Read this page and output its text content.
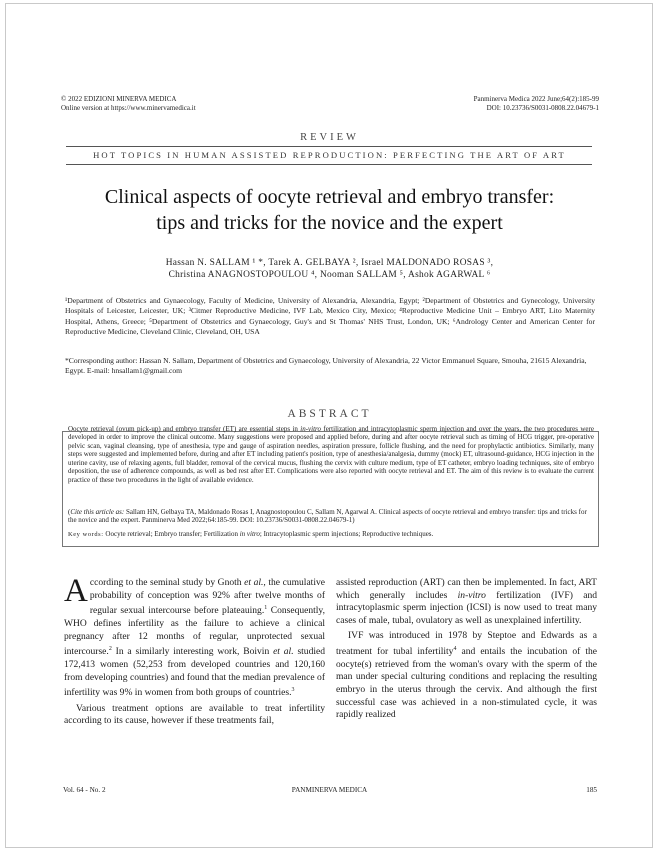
© 2022 EDIZIONI MINERVA MEDICA
Online version at https://www.minervamedica.it
Panminerva Medica 2022 June;64(2):185-99
DOI: 10.23736/S0031-0808.22.04679-1
REVIEW
HOT TOPICS IN HUMAN ASSISTED REPRODUCTION: PERFECTING THE ART OF ART
Clinical aspects of oocyte retrieval and embryo transfer:
tips and tricks for the novice and the expert
Hassan N. SALLAM ¹ *, Tarek A. GELBAYA ², Israel MALDONADO ROSAS ³,
Christina ANAGNOSTOPOULOU ⁴, Nooman SALLAM ⁵, Ashok AGARWAL ⁶
¹Department of Obstetrics and Gynaecology, Faculty of Medicine, University of Alexandria, Alexandria, Egypt; ²Department of Obstetrics and Gynecology, University Hospitals of Leicester, Leicester, UK; ³Citmer Reproductive Medicine, IVF Lab, Mexico City, Mexico; ⁴Reproductive Medicine Unit – Embryo ART, Lito Maternity Hospital, Athens, Greece; ⁵Department of Obstetrics and Gynaecology, Guy's and St Thomas' NHS Trust, London, UK; ⁶Andrology Center and American Center for Reproductive Medicine, Cleveland Clinic, Cleveland, OH, USA
*Corresponding author: Hassan N. Sallam, Department of Obstetrics and Gynaecology, University of Alexandria, 22 Victor Emmanuel Square, Smouha, 21615 Alexandria, Egypt. E-mail: hnsallam1@gmail.com
ABSTRACT
Oocyte retrieval (ovum pick-up) and embryo transfer (ET) are essential steps in in-vitro fertilization and intracytoplasmic sperm injection and over the years, the two procedures were developed in order to improve the clinical outcome. Many suggestions were proposed and applied before, during and after oocyte retrieval such as timing of HCG trigger, pre-operative pelvic scan, vaginal cleansing, type of anesthesia, type and gauge of aspiration needles, aspiration pressure, follicle flushing, and the need for prophylactic antibiotics. Similarly, many steps were suggested and implemented before, during and after ET including patient's position, type of anesthesia/analgesia, dummy (mock) ET, ultrasound-guidance, HCG injection in the uterine cavity, use of relaxing agents, full bladder, removal of the cervical mucus, flushing the cervix with culture medium, type of ET catheter, embryo loading techniques, site of embryo deposition, the use of adherence compounds, as well as bed rest after ET. Complications were also reported with oocyte retrieval and ET. The aim of this review is to evaluate the current practice of these two procedures in the light of available evidence.
(Cite this article as: Sallam HN, Gelbaya TA, Maldonado Rosas I, Anagnostopoulou C, Sallam N, Agarwal A. Clinical aspects of oocyte retrieval and embryo transfer: tips and tricks for the novice and the expert. Panminerva Med 2022;64:185-99. DOI: 10.23736/S0031-0808.22.04679-1)
Key words: Oocyte retrieval; Embryo transfer; Fertilization in vitro; Intracytoplasmic sperm injections; Reproductive techniques.

According to the seminal study by Gnoth et al., the cumulative probability of conception was 92% after twelve months of regular sexual intercourse before plateauing.$^1$ Consequently, WHO defines infertility as the failure to achieve a clinical pregnancy after 12 months of regular, unprotected sexual intercourse.$^2$ In a similarly interesting work, Boivin et al. studied 172,413 women (52,253 from developed countries and 120,160 from developing countries) and found that the median prevalence of infertility was 9% in women from both groups of countries.$^3$

Various treatment options are available to treat infertility according to its cause, however if these treatments fail,

assisted reproduction (ART) can then be implemented. In fact, ART which generally includes in-vitro fertilization (IVF) and intracytoplasmic sperm injection (ICSI) is now used to treat many cases of male, tubal, ovulatory as well as unexplained infertility.

IVF was introduced in 1978 by Steptoe and Edwards as a treatment for tubal infertility$^4$ and entails the incubation of the oocyte(s) retrieved from the woman's ovary with the sperm of the man under special culturing conditions and replacing the resulting embryo in the uterus through the cervix. And although the first successful case was achieved in a non-stimulated cycle, it was rapidly realized

Vol. 64 - No. 2	PANMINERVA MEDICA	185
